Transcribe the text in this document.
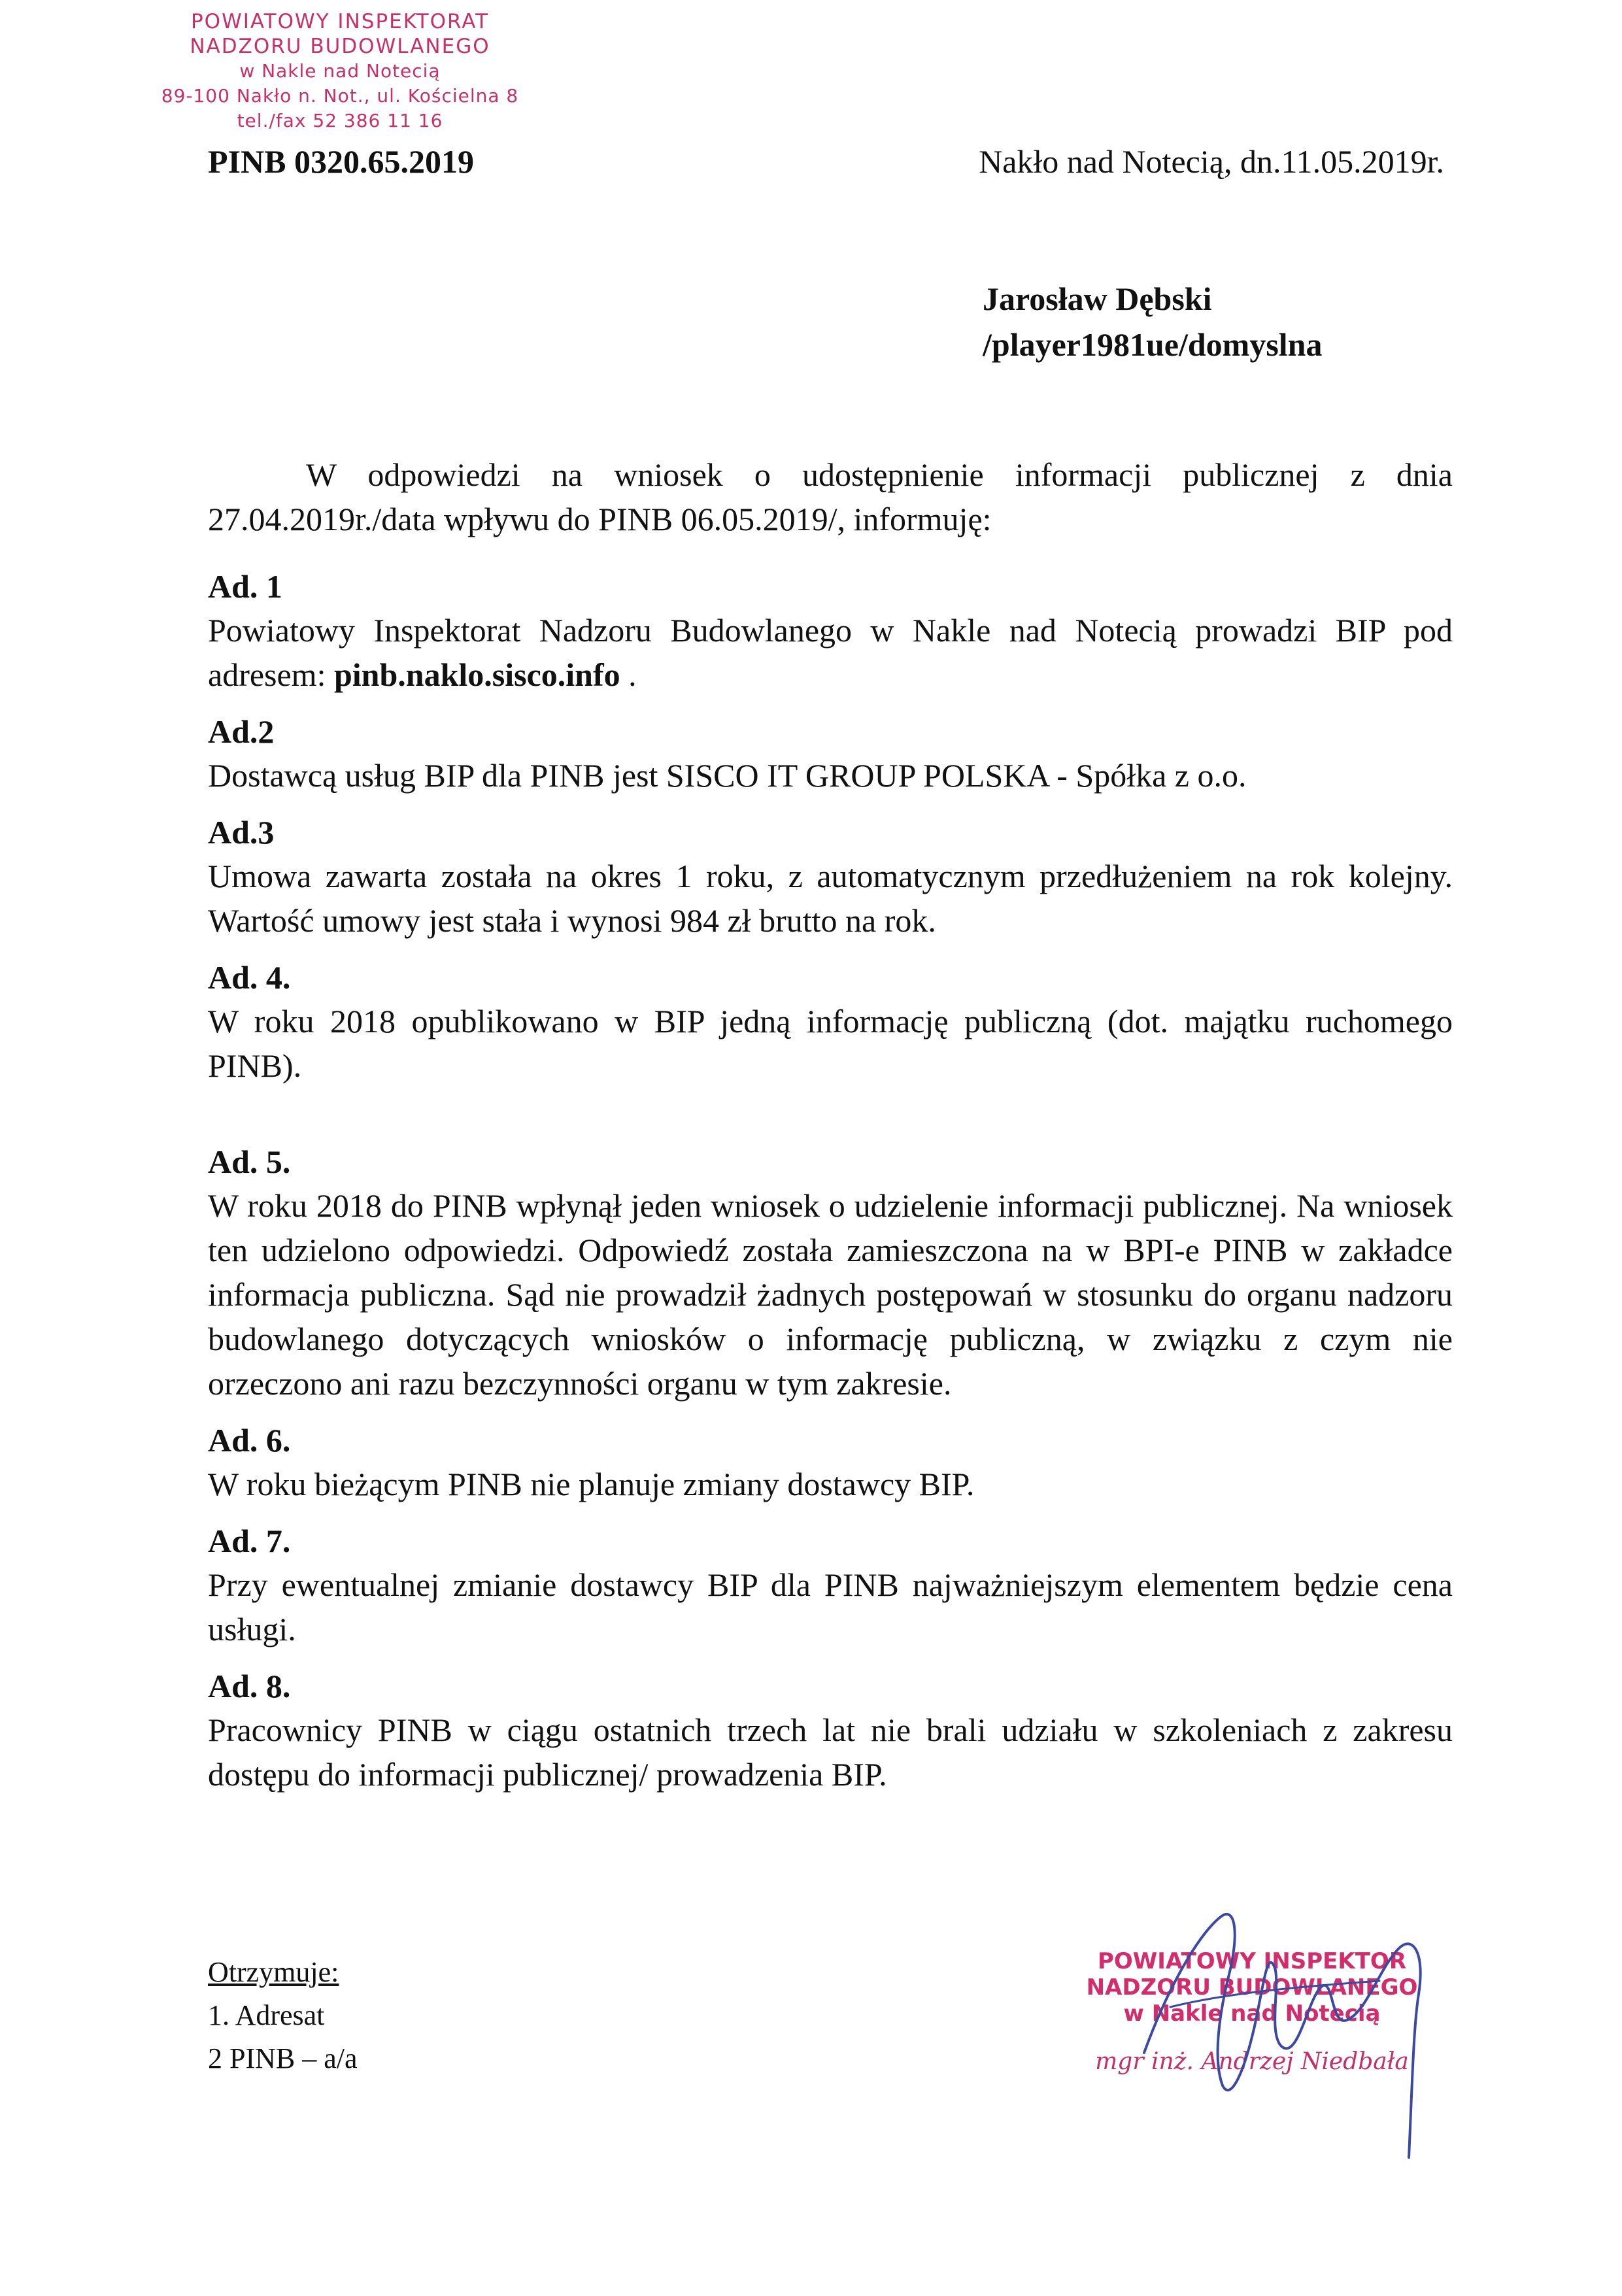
POWIATOWY INSPEKTORAT
NADZORU BUDOWLANEGO
w Nakle nad Notecią
89-100 Nakło n. Not., ul. Kościelna 8
tel./fax 52 386 11 16
PINB 0320.65.2019	Nakło nad Notecią, dn.11.05.2019r.
Jarosław Dębski
/player1981ue/domyslna
W odpowiedzi na wniosek o udostępnienie informacji publicznej z dnia
27.04.2019r./data wpływu do PINB 06.05.2019/, informuję:
Ad. 1
Powiatowy Inspektorat Nadzoru Budowlanego w Nakle nad Notecią prowadzi BIP pod adresem: pinb.naklo.sisco.info .
Ad.2
Dostawcą usług BIP dla PINB jest SISCO IT GROUP POLSKA - Spółka z o.o.
Ad.3
Umowa zawarta została na okres 1 roku, z automatycznym przedłużeniem na rok kolejny. Wartość umowy jest stała i wynosi 984 zł brutto na rok.
Ad. 4.
W roku 2018 opublikowano w BIP jedną informację publiczną (dot. majątku ruchomego PINB).
Ad. 5.
W roku 2018 do PINB wpłynął jeden wniosek o udzielenie informacji publicznej. Na wniosek ten udzielono odpowiedzi. Odpowiedź została zamieszczona na w BPI-e PINB w zakładce informacja publiczna. Sąd nie prowadził żadnych postępowań w stosunku do organu nadzoru budowlanego dotyczących wniosków o informację publiczną, w związku z czym nie orzeczono ani razu bezczynności organu w tym zakresie.
Ad. 6.
W roku bieżącym PINB nie planuje zmiany dostawcy BIP.
Ad. 7.
Przy ewentualnej zmianie dostawcy BIP dla PINB najważniejszym elementem będzie cena usługi.
Ad. 8.
Pracownicy PINB w ciągu ostatnich trzech lat nie brali udziału w szkoleniach z zakresu dostępu do informacji publicznej/ prowadzenia BIP.
Otrzymuje:
1. Adresat
2 PINB – a/a
POWIATOWY INSPEKTOR
NADZORU BUDOWLANEGO
w Nakle nad Notecią
mgr inż. Andrzej Niedbała
